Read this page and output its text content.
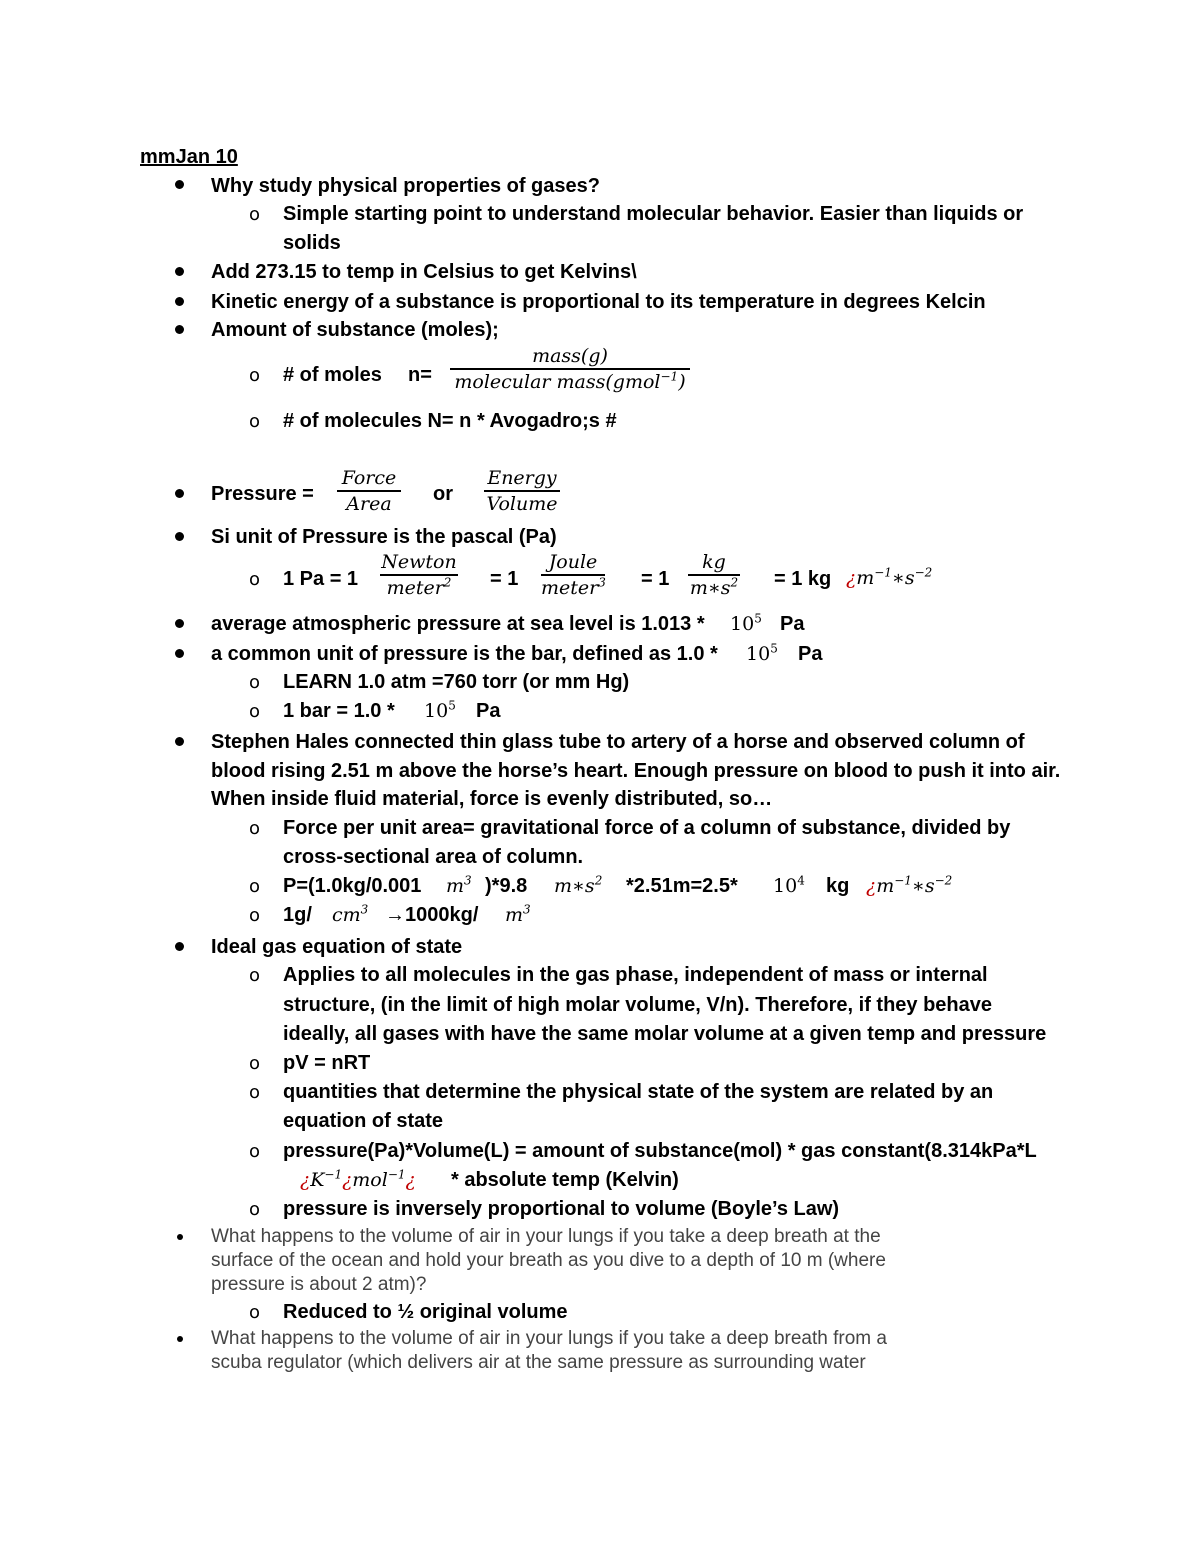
mmJan 10
Why study physical properties of gases?
o Simple starting point to understand molecular behavior. Easier than liquids or
solids
Add 273.15 to temp in Celsius to get Kelvins\
Kinetic energy of a substance is proportional to its temperature in degrees Kelcin
Amount of substance (moles);
o # of moles n=
mass(g)
molecular mass(gmol$^{-1}$)
o # of molecules N= n * Avogadro;s #
Pressure =
Force
Area	or
Energy
Volume
Si unit of Pressure is the pascal (Pa)
o 1 Pa = 1
Newton
meter$^2$	= 1
Joule
meter$^3$ = 1
kg
$m∗s^2 = 1$ kg ¿$m^{-1}∗s^{-2}$
average atmospheric pressure at sea level is $1.013 * 10^5$ Pa
a common unit of pressure is the bar, defined as $1.0 * 10^5$ Pa
o LEARN 1.0 atm =760 torr (or mm Hg)
o 1 bar = $1.0 * 10^5$ Pa
Stephen Hales connected thin glass tube to artery of a horse and observed column of
blood rising 2.51 m above the horse’s heart. Enough pressure on blood to push it into air.
When inside fluid material, force is evenly distributed, so…
o Force per unit area= gravitational force of a column of substance, divided by
cross-sectional area of column.
o P=(1.0kg/0.001 $m^3$ )*9.8 $m∗s^2$ *2.51m=2.5* $10^4$ kg ¿$m^{-1}∗s^{-2}$
o 1g/ $cm^3 \to 1000kg/$ $m^3$
Ideal gas equation of state
o Applies to all molecules in the gas phase, independent of mass or internal
structure, (in the limit of high molar volume, V/n). Therefore, if they behave
ideally, all gases with have the same molar volume at a given temp and pressure
o pV = nRT
o quantities that determine the physical state of the system are related by an
equation of state
o pressure(Pa)*Volume(L) = amount of substance(mol) * gas constant(8.314kPa*L
¿$K^{-1}¿mol^{-1}¿$ * absolute temp (Kelvin)
o pressure is inversely proportional to volume (Boyle’s Law)
What happens to the volume of air in your lungs if you take a deep breath at the
surface of the ocean and hold your breath as you dive to a depth of 10 m (where
pressure is about 2 atm)?
o Reduced to ½ original volume
What happens to the volume of air in your lungs if you take a deep breath from a
scuba regulator (which delivers air at the same pressure as surrounding water
